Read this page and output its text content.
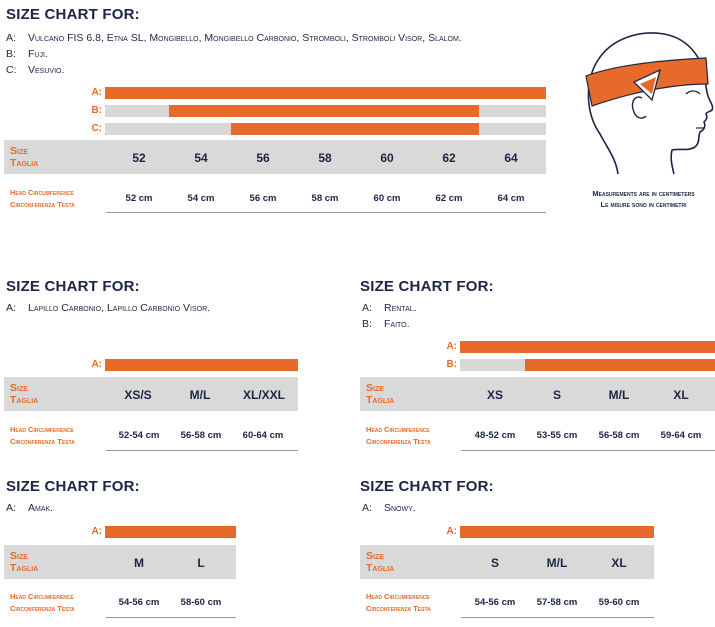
SIZE CHART FOR:
A: Vulcano FIS 6.8, Etna SL, Mongibello, Mongibello Carbonio, Stromboli, Stromboli Visor, Slalom.
B: Fuji.
C: Vesuvio.
A:
B:
C:
Size
Taglia	52	54	56	58	60	62	64
Head Circumference
Circonferenza Testa
52 cm	54 cm	56 cm	58 cm	60 cm	62 cm	64 cm	Measurements are in centimeters
Le misure sono in centimetri
SIZE CHART FOR:
A: Lapillo Carbonio, Lapillo Carbonio Visor.
A:
Size
Taglia	XS/S	M/L	XL/XXL
Head Circumference
Circonferenza Testa
52-54 cm	56-58 cm	60-64 cm
SIZE CHART FOR:
A: Rental.
B: Faito.
A:
B:
Size
Taglia	XS	S	M/L	XL
Head Circumference
Circonferenza Testa
48-52 cm	53-55 cm	56-58 cm	59-64 cm
SIZE CHART FOR:
A: Amak.
A:
Size
Taglia	M	L
Head Circumference
Circonferenza Testa
54-56 cm	58-60 cm
SIZE CHART FOR:
A: Snowy.
A:
Size
Taglia	S	M/L	XL
Head Circumference
Circonferenza Testa
54-56 cm	57-58 cm	59-60 cm
